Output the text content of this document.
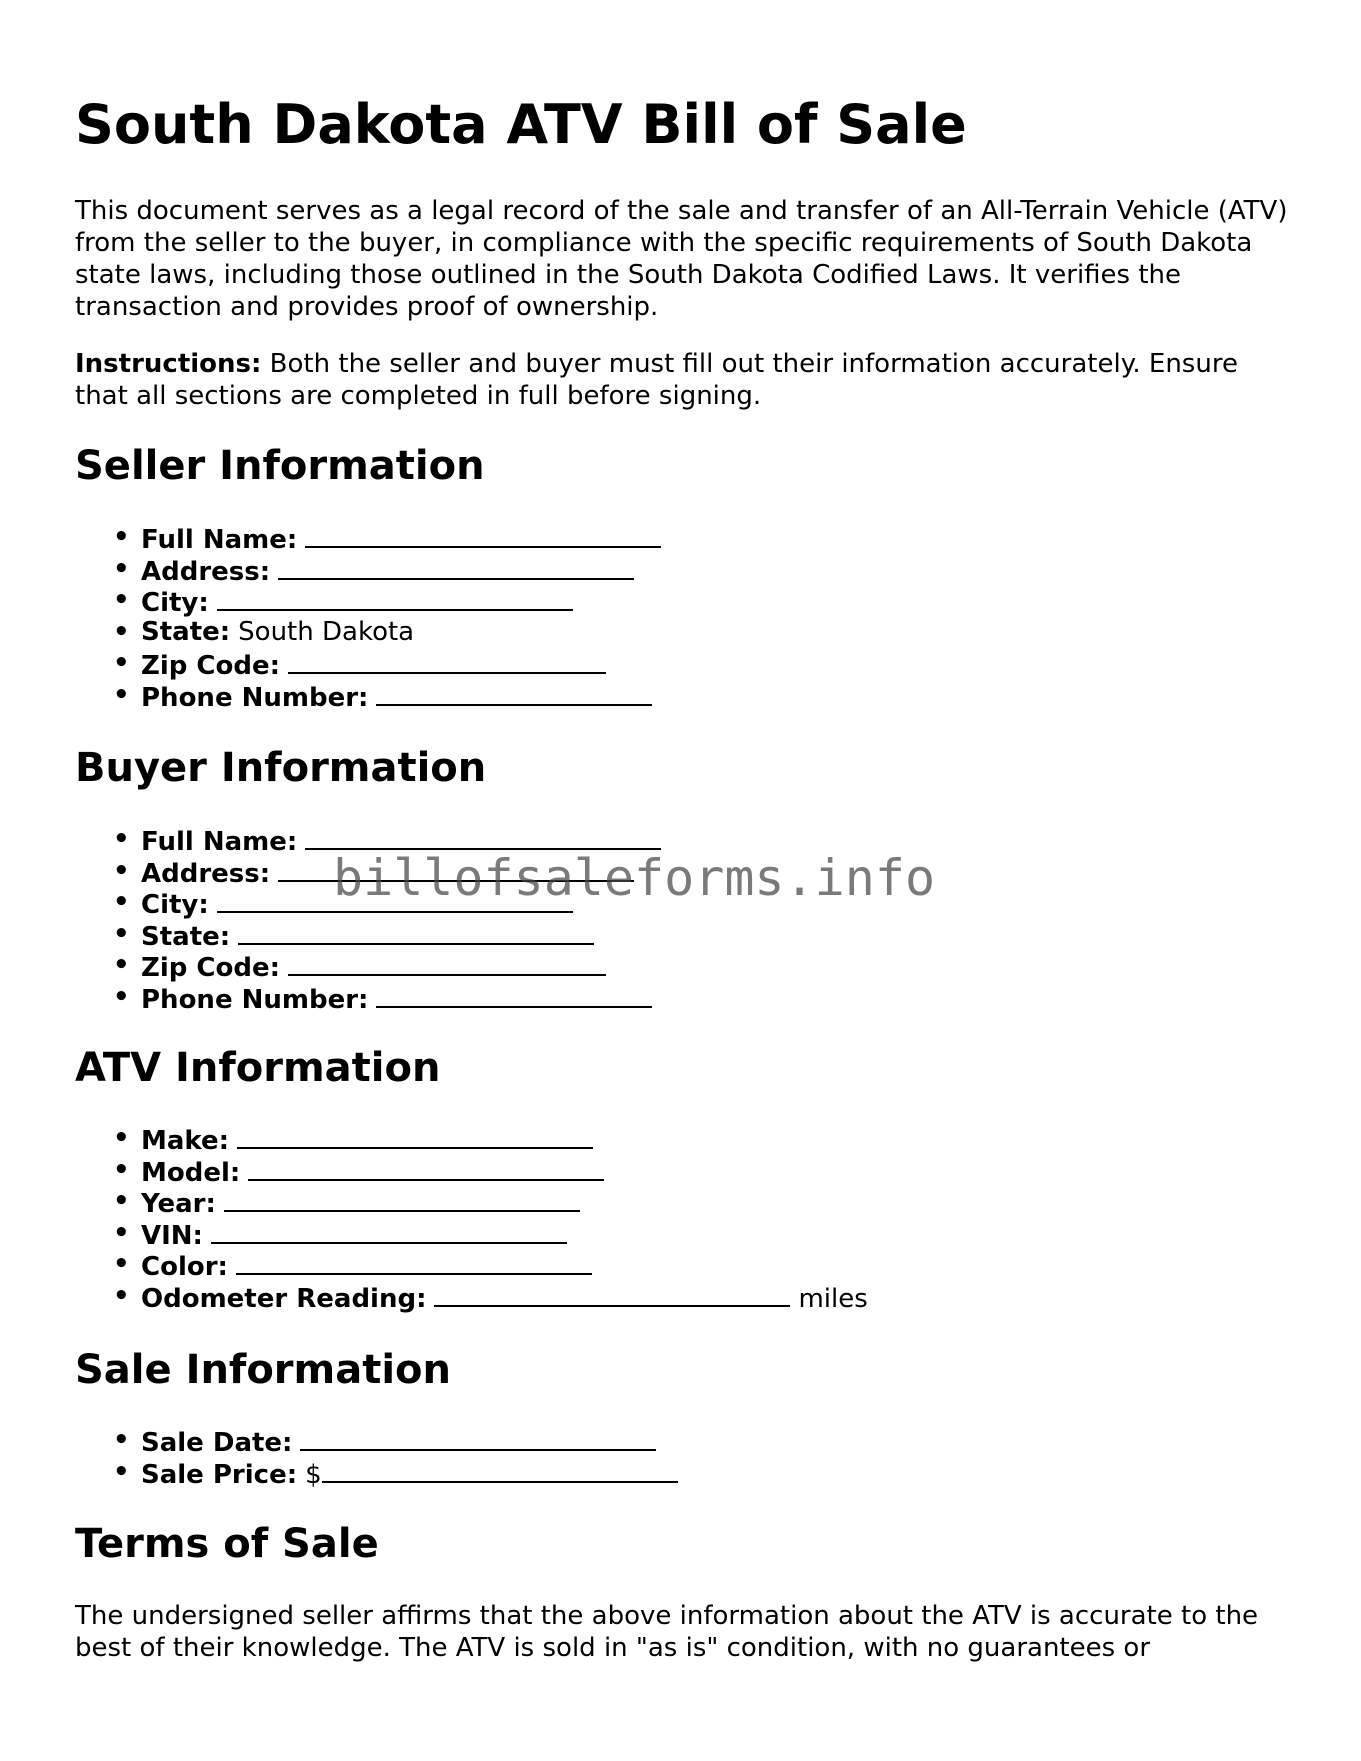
South Dakota ATV Bill of Sale

This document serves as a legal record of the sale and transfer of an All-Terrain Vehicle (ATV) from the seller to the buyer, in compliance with the specific requirements of South Dakota state laws, including those outlined in the South Dakota Codified Laws. It verifies the transaction and provides proof of ownership.

Instructions: Both the seller and buyer must fill out their information accurately. Ensure that all sections are completed in full before signing.

Seller Information
• Full Name:
• Address:
• City:
• State: South Dakota
• Zip Code:
• Phone Number:
Buyer Information
• Full Name:
• Address:
• City:
• State:
• Zip Code:
• Phone Number:
ATV Information
• Make:
• Model:
• Year:
• VIN:
• Color:
• Odometer Reading:	miles
Sale Information
• Sale Date:
• Sale Price: $
Terms of Sale

The undersigned seller affirms that the above information about the ATV is accurate to the best of their knowledge. The ATV is sold in "as is" condition, with no guarantees or

billofsaleforms.info
